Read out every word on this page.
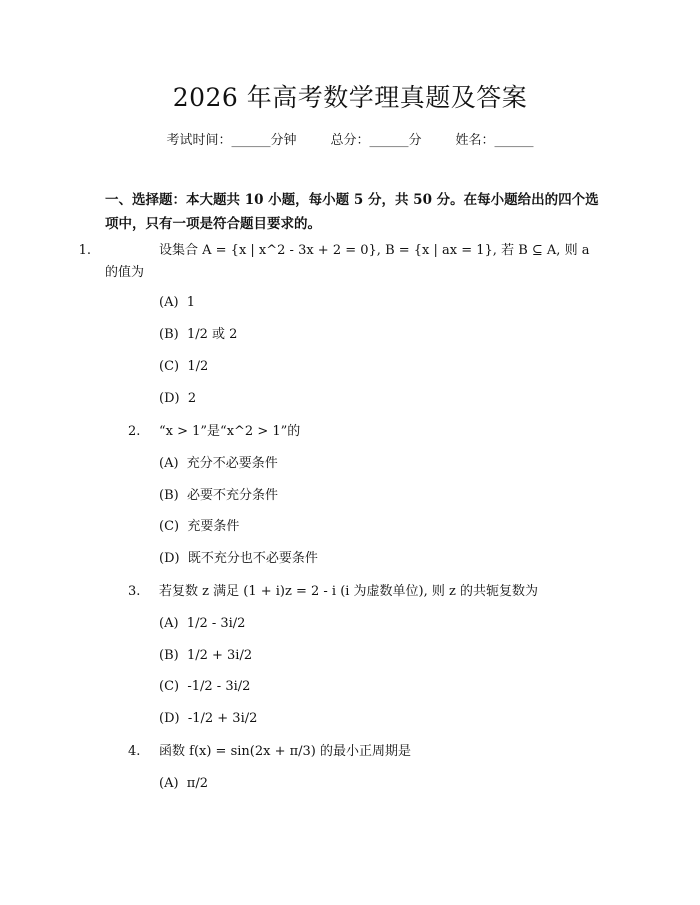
2026 年高考数学理真题及答案
考试时间：______分钟	总分：______分	姓名：______
一、选择题：本大题共 10 小题，每小题 5 分，共 50 分。在每小题给出的四个选项中，只有一项是符合题目要求的。
1.	设集合 A = {x | x^2 - 3x + 2 = 0}, B = {x | ax = 1}, 若 B ⊆ A, 则 a 的值为
(A)  1
(B)  1/2 或 2
(C)  1/2
(D)  2
2.	“x > 1”是“x^2 > 1”的
(A)  充分不必要条件
(B)  必要不充分条件
(C)  充要条件
(D)  既不充分也不必要条件
3.	若复数 z 满足 (1 + i)z = 2 - i (i 为虚数单位), 则 z 的共轭复数为
(A)  1/2 - 3i/2
(B)  1/2 + 3i/2
(C)  -1/2 - 3i/2
(D)  -1/2 + 3i/2
4.	函数 f(x) = sin(2x + π/3) 的最小正周期是
(A)  π/2
